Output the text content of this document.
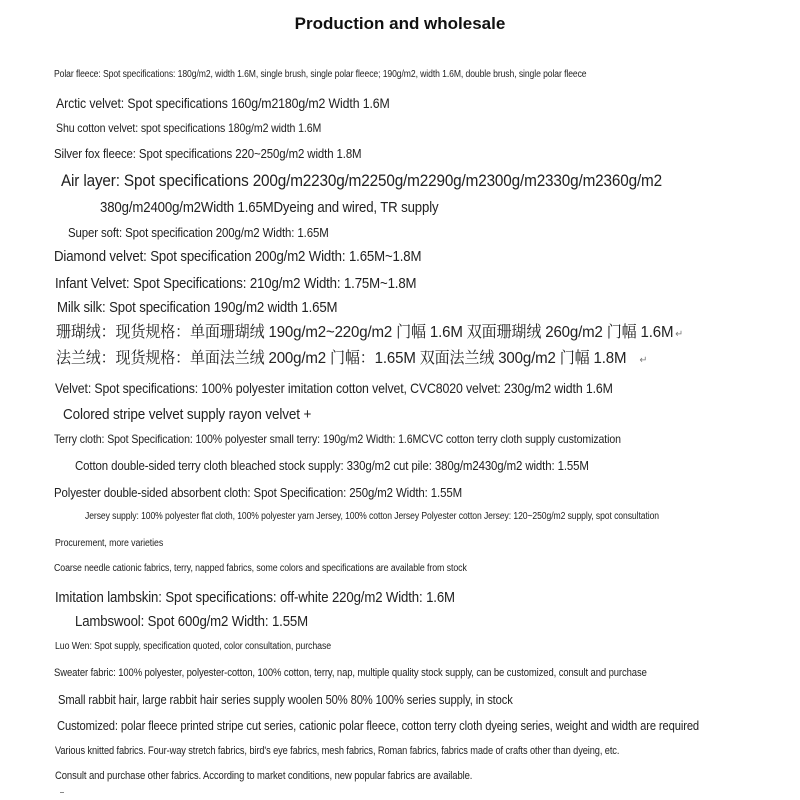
Production and wholesale
Polar fleece: Spot specifications: 180g/m2, width 1.6M, single brush, single polar fleece; 190g/m2, width 1.6M, double brush, single polar fleece
Arctic velvet: Spot specifications 160g/m2180g/m2 Width 1.6M
Shu cotton velvet: spot specifications 180g/m2 width 1.6M
Silver fox fleece: Spot specifications 220~250g/m2 width 1.8M
Air layer: Spot specifications 200g/m2230g/m2250g/m2290g/m2300g/m2330g/m2360g/m2
380g/m2400g/m2Width 1.65MDyeing and wired, TR supply
Super soft: Spot specification 200g/m2 Width: 1.65M
Diamond velvet: Spot specification 200g/m2 Width: 1.65M~1.8M
Infant Velvet: Spot Specifications: 210g/m2 Width: 1.75M~1.8M
Milk silk: Spot specification 190g/m2 width 1.65M
珊瑚绒：现货规格：单面珊瑚绒 190g/m2~220g/m2 门幅 1.6M 双面珊瑚绒 260g/m2 门幅 1.6M ↵
法兰绒：现货规格：单面法兰绒 200g/m2 门幅：1.65M 双面法兰绒 300g/m2 门幅 1.8M ↵
Velvet: Spot specifications: 100% polyester imitation cotton velvet, CVC8020 velvet: 230g/m2 width 1.6M
Colored stripe velvet supply rayon velvet +
Terry cloth: Spot Specification: 100% polyester small terry: 190g/m2 Width: 1.6MCVC cotton terry cloth supply customization
Cotton double-sided terry cloth bleached stock supply: 330g/m2 cut pile: 380g/m2430g/m2 width: 1.55M
Polyester double-sided absorbent cloth: Spot Specification: 250g/m2 Width: 1.55M
Jersey supply: 100% polyester flat cloth, 100% polyester yarn Jersey, 100% cotton Jersey Polyester cotton Jersey: 120~250g/m2 supply, spot consultation
Procurement, more varieties
Coarse needle cationic fabrics, terry, napped fabrics, some colors and specifications are available from stock
Imitation lambskin: Spot specifications: off-white 220g/m2 Width: 1.6M
Lambswool: Spot 600g/m2 Width: 1.55M
Luo Wen: Spot supply, specification quoted, color consultation, purchase
Sweater fabric: 100% polyester, polyester-cotton, 100% cotton, terry, nap, multiple quality stock supply, can be customized, consult and purchase
Small rabbit hair, large rabbit hair series supply woolen 50% 80% 100% series supply, in stock
Customized: polar fleece printed stripe cut series, cationic polar fleece, cotton terry cloth dyeing series, weight and width are required
Various knitted fabrics. Four-way stretch fabrics, bird's eye fabrics, mesh fabrics, Roman fabrics, fabrics made of crafts other than dyeing, etc.
Consult and purchase other fabrics. According to market conditions, new popular fabrics are available.
